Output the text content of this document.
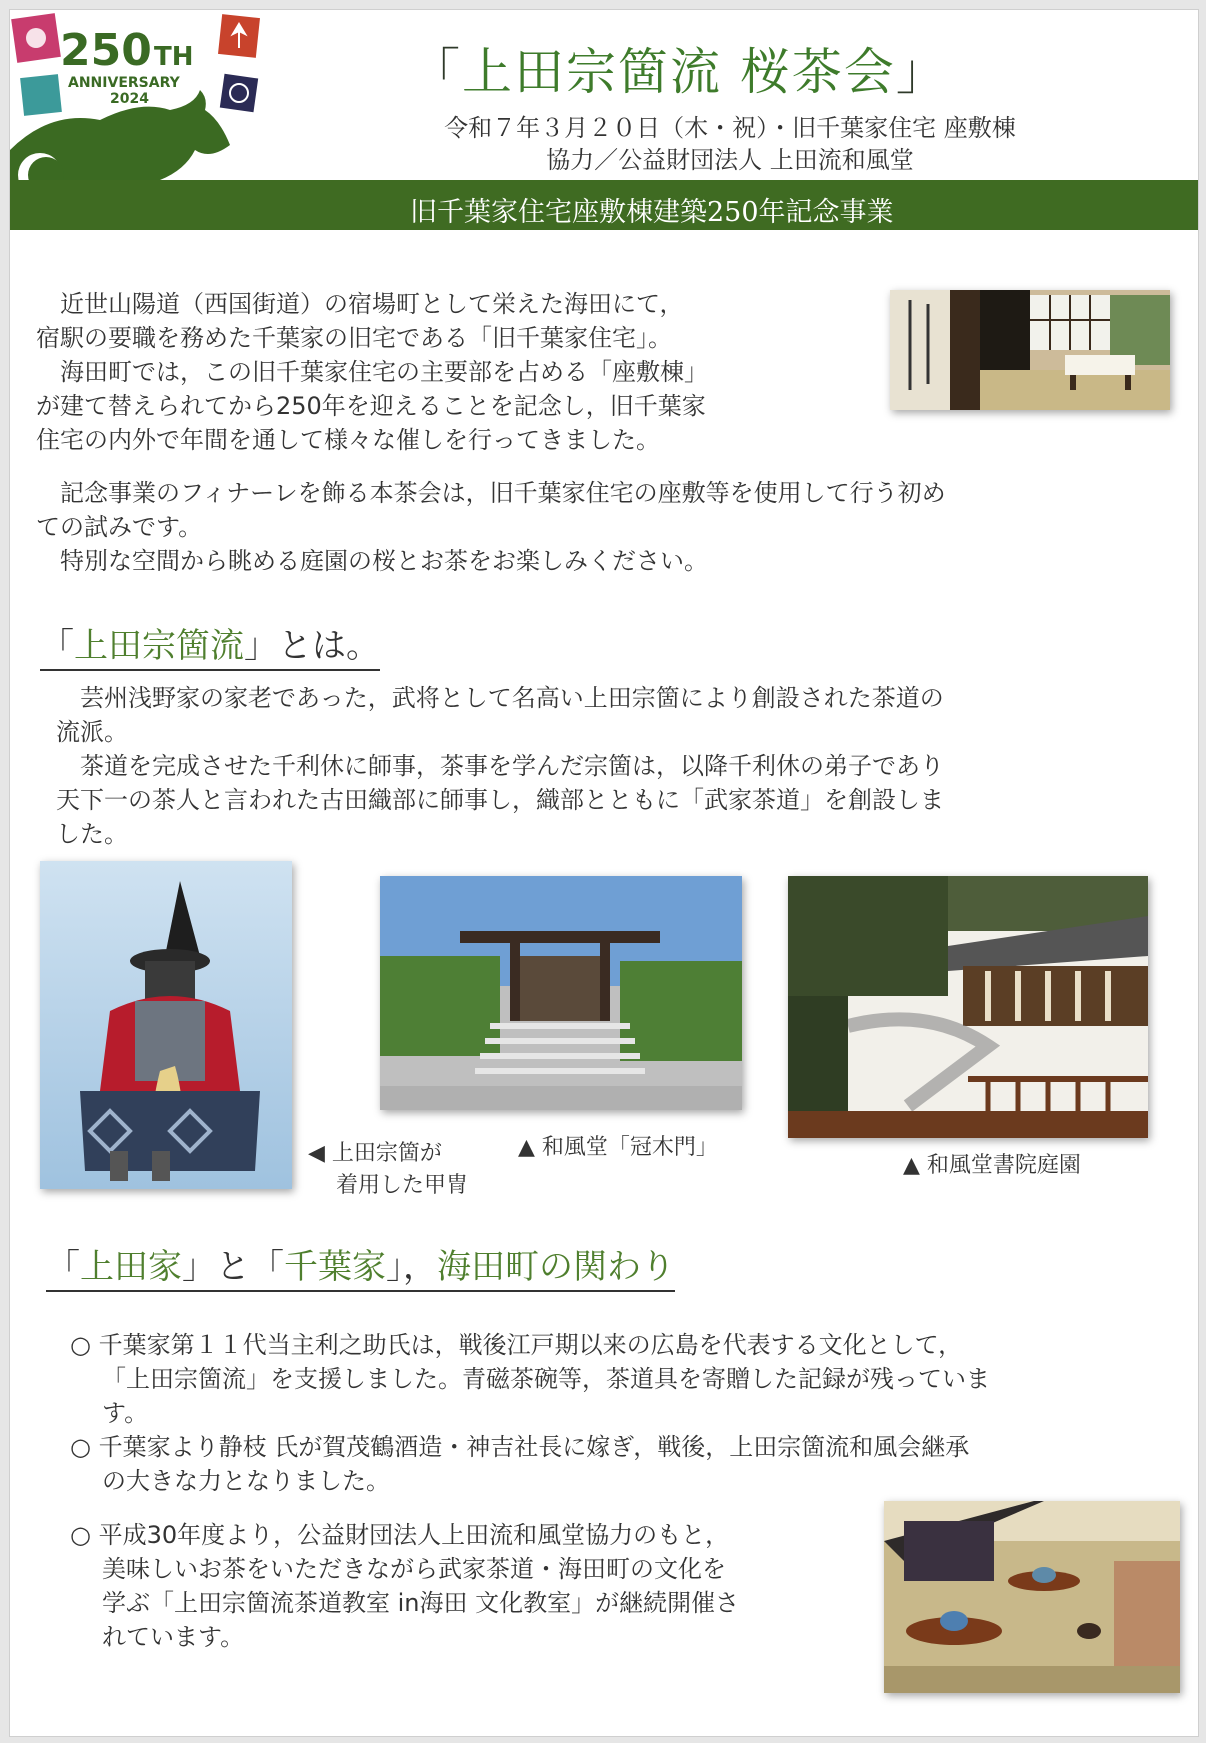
250 TH
ANNIVERSARY
2024	「上田宗箇流 桜茶会」
令和７年３月２０日（木・祝）・旧千葉家住宅 座敷棟
協力／公益財団法人 上田流和風堂
旧千葉家住宅座敷棟建築250年記念事業
　近世山陽道（西国街道）の宿場町として栄えた海田にて，
宿駅の要職を務めた千葉家の旧宅である「旧千葉家住宅」。
　海田町では，この旧千葉家住宅の主要部を占める「座敷棟」
が建て替えられてから250年を迎えることを記念し，旧千葉家
住宅の内外で年間を通して様々な催しを行ってきました。
　記念事業のフィナーレを飾る本茶会は，旧千葉家住宅の座敷等を使用して行う初め
ての試みです。
　特別な空間から眺める庭園の桜とお茶をお楽しみください。
「上田宗箇流」とは。
　芸州浅野家の家老であった，武将として名高い上田宗箇により創設された茶道の
流派。
　茶道を完成させた千利休に師事，茶事を学んだ宗箇は，以降千利休の弟子であり
天下一の茶人と言われた古田織部に師事し，織部とともに「武家茶道」を創設しま
した。
◀ 上田宗箇が
着用した甲冑
▲ 和風堂「冠木門」
▲ 和風堂書院庭園
「上田家」と「千葉家」，海田町の関わり
○ 千葉家第１１代当主利之助氏は，戦後江戸期以来の広島を代表する文化として，
「上田宗箇流」を支援しました。青磁茶碗等，茶道具を寄贈した記録が残っていま
す。
○ 千葉家より静枝 氏が賀茂鶴酒造・神吉社長に嫁ぎ，戦後，上田宗箇流和風会継承
の大きな力となりました。
○ 平成30年度より，公益財団法人上田流和風堂協力のもと，
美味しいお茶をいただきながら武家茶道・海田町の文化を
学ぶ「上田宗箇流茶道教室 in海田 文化教室」が継続開催さ
れています。
